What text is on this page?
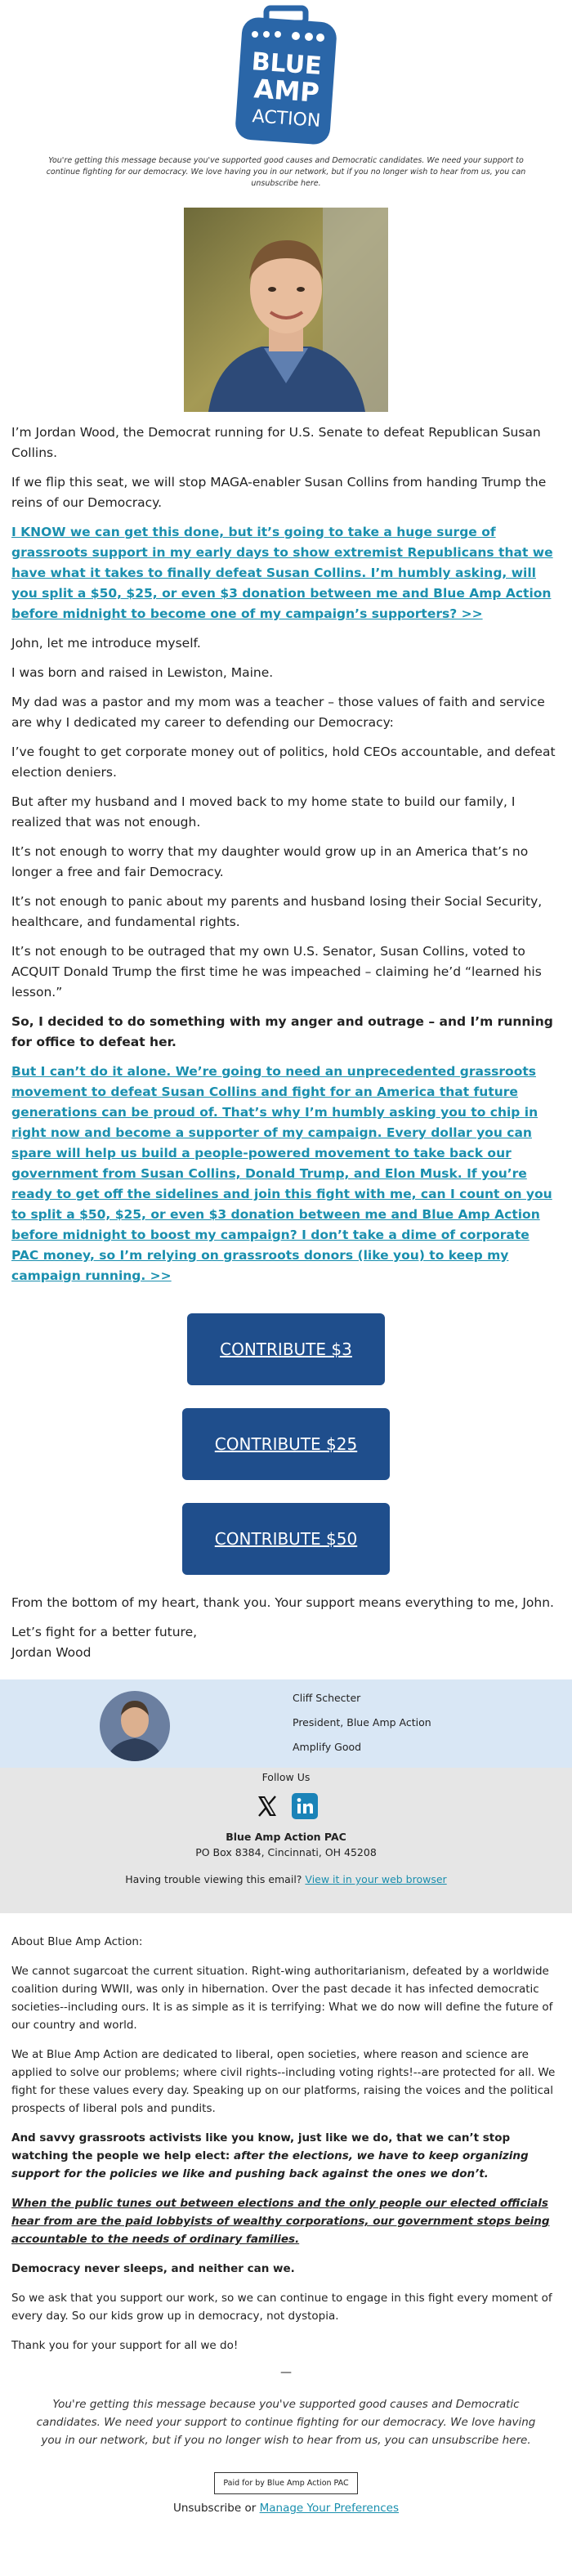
BLUE
AMP
ACTION
You're getting this message because you've supported good causes and Democratic candidates. We need your support to continue fighting for our democracy. We love having you in our network, but if you no longer wish to hear from us, you can unsubscribe here.

I’m Jordan Wood, the Democrat running for U.S. Senate to defeat Republican Susan Collins.

If we flip this seat, we will stop MAGA-enabler Susan Collins from handing Trump the reins of our Democracy.

I KNOW we can get this done, but it’s going to take a huge surge of grassroots support in my early days to show extremist Republicans that we have what it takes to finally defeat Susan Collins. I’m humbly asking, will you split a $50, $25, or even $3 donation between me and Blue Amp Action before midnight to become one of my campaign’s supporters? >>

John, let me introduce myself.

I was born and raised in Lewiston, Maine.

My dad was a pastor and my mom was a teacher – those values of faith and service are why I dedicated my career to defending our Democracy:

I’ve fought to get corporate money out of politics, hold CEOs accountable, and defeat election deniers.

But after my husband and I moved back to my home state to build our family, I realized that was not enough.

It’s not enough to worry that my daughter would grow up in an America that’s no longer a free and fair Democracy.

It’s not enough to panic about my parents and husband losing their Social Security, healthcare, and fundamental rights.

It’s not enough to be outraged that my own U.S. Senator, Susan Collins, voted to ACQUIT Donald Trump the first time he was impeached – claiming he’d “learned his lesson.”

So, I decided to do something with my anger and outrage – and I’m running for office to defeat her.

But I can’t do it alone. We’re going to need an unprecedented grassroots movement to defeat Susan Collins and fight for an America that future generations can be proud of. That’s why I’m humbly asking you to chip in right now and become a supporter of my campaign. Every dollar you can spare will help us build a people-powered movement to take back our government from Susan Collins, Donald Trump, and Elon Musk. If you’re ready to get off the sidelines and join this fight with me, can I count on you to split a $50, $25, or even $3 donation between me and Blue Amp Action before midnight to boost my campaign? I don’t take a dime of corporate PAC money, so I’m relying on grassroots donors (like you) to keep my campaign running. >>

CONTRIBUTE $3
CONTRIBUTE $25
CONTRIBUTE $50

From the bottom of my heart, thank you. Your support means everything to me, John.

Let’s fight for a better future,

Jordan Wood

Cliff Schecter
President, Blue Amp Action
Amplify Good
Follow Us

Blue Amp Action PAC
PO Box 8384, Cincinnati, OH 45208
Having trouble viewing this email? View it in your web browser

About Blue Amp Action:

We cannot sugarcoat the current situation. Right-wing authoritarianism, defeated by a worldwide coalition during WWII, was only in hibernation. Over the past decade it has infected democratic societies--including ours. It is as simple as it is terrifying: What we do now will define the future of our country and world.

We at Blue Amp Action are dedicated to liberal, open societies, where reason and science are applied to solve our problems; where civil rights--including voting rights!--are protected for all. We fight for these values every day. Speaking up on our platforms, raising the voices and the political prospects of liberal pols and pundits.

And savvy grassroots activists like you know, just like we do, that we can’t stop watching the people we help elect: after the elections, we have to keep organizing support for the policies we like and pushing back against the ones we don’t.

When the public tunes out between elections and the only people our elected officials hear from are the paid lobbyists of wealthy corporations, our government stops being accountable to the needs of ordinary families.

Democracy never sleeps, and neither can we.

So we ask that you support our work, so we can continue to engage in this fight every moment of every day. So our kids grow up in democracy, not dystopia.

Thank you for your support for all we do!

—
You're getting this message because you've supported good causes and Democratic candidates. We need your support to continue fighting for our democracy. We love having you in our network, but if you no longer wish to hear from us, you can unsubscribe here.
Paid for by Blue Amp Action PAC
Unsubscribe or Manage Your Preferences
